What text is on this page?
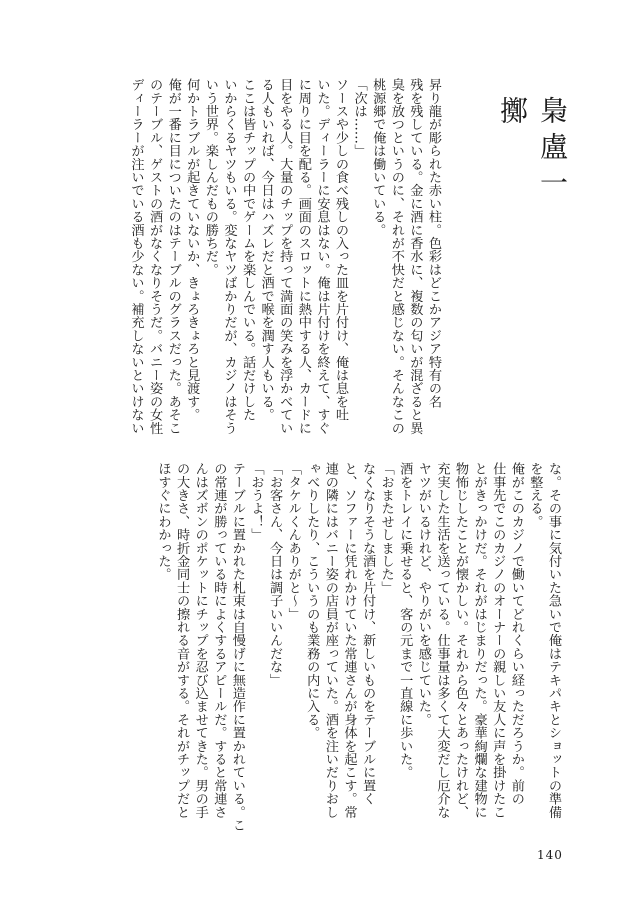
梟盧一擲
昇り龍が彫られた赤い柱。色彩はどこかアジア特有の名
残を残している。金に酒に香水に、複数の匂いが混ざると異
臭を放つというのに、それが不快だと感じない。そんなこの
桃源郷で俺は働いている。
「次は……」
ソースや少しの食べ残しの入った皿を片付け、俺は息を吐
いた。ディーラーに安息はない。俺は片付けを終えて、すぐ
に周りに目を配る。画面のスロットに熱中する人、カードに
目をやる人。大量のチップを持って満面の笑みを浮かべてい
る人もいれば、今日はハズレだと酒で喉を潤す人もいる。
ここは皆チップの中でゲームを楽しんでいる。話だけした
いからくるヤツもいる。変なヤツばかりだが、カジノはそう
いう世界。楽しんだもの勝ちだ。
何かトラブルが起きていないか、きょろきょろと見渡す。
俺が一番に目についたのはテーブルのグラスだった。あそこ
のテーブル、ゲストの酒がなくなりそうだ。バニー姿の女性
ディーラーが注いでいる酒も少ない。補充しないといけない
な。その事に気付いた急いで俺はテキパキとショットの準備
を整える。
俺がこのカジノで働いてどれくらい経っただろうか。前の
仕事先でこのカジノのオーナーの親しい友人に声を掛けたこ
とがきっかけだ。それがはじまりだった。豪華絢爛な建物に
物怖じしたことが懐かしい。それから色々とあったけれど、
充実した生活を送っている。仕事量は多くて大変だし厄介な
ヤツがいるけれど、やりがいを感じていた。
酒をトレイに乗せると、客の元まで一直線に歩いた。
「おまたせしました」
なくなりそうな酒を片付け、新しいものをテーブルに置く
と、ソファーに凭れかけていた常連さんが身体を起こす。常
連の隣にはバニー姿の店員が座っていた。酒を注いだりおし
ゃべりしたり、こういうのも業務の内に入る。
「タケルくんありがと～」
「お客さん、今日は調子いいんだな」
「おうよ！」
テーブルに置かれた札束は自慢げに無造作に置かれている。こ
の常連が勝っている時によくするアピールだ。すると常連さ
んはズボンのポケットにチップを忍び込ませてきた。男の手
の大きさ、時折金同士の擦れる音がする。それがチップだと
ほすぐにわかった。
140
